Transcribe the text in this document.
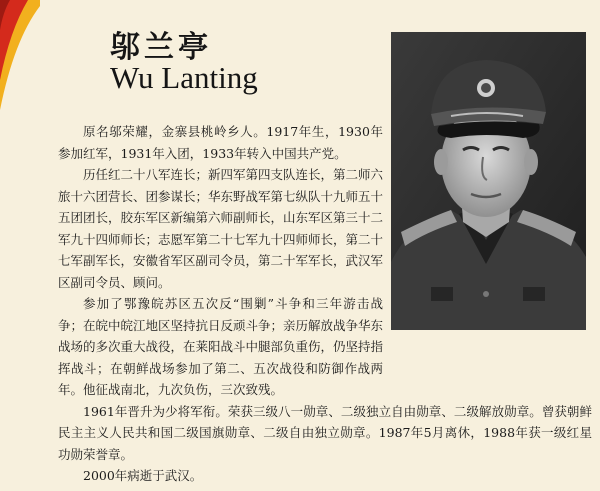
邬兰亭
Wu Lanting

原名邬荣耀，金寨县桃岭乡人。1917年生，1930年参加红军，1931年入团，1933年转入中国共产党。

历任红二十八军连长；新四军第四支队连长，第二师六旅十六团营长、团参谋长；华东野战军第七纵队十九师五十五团团长，胶东军区新编第六师副师长，山东军区第三十二军九十四师师长；志愿军第二十七军九十四师师长，第二十七军副军长，安徽省军区副司令员，第二十军军长，武汉军区副司令员、顾问。

参加了鄂豫皖苏区五次反“围剿”斗争和三年游击战争；在皖中皖江地区坚持抗日反顽斗争；亲历解放战争华东战场的多次重大战役，在莱阳战斗中腿部负重伤，仍坚持指挥战斗；在朝鲜战场参加了第二、五次战役和防御作战两年。他征战南北，九次负伤，三次致残。

1961年晋升为少将军衔。荣获三级八一勋章、二级独立自由勋章、二级解放勋章。曾获朝鲜民主主义人民共和国二级国旗勋章、二级自由独立勋章。1987年5月离休，1988年获一级红星功勋荣誉章。

2000年病逝于武汉。
